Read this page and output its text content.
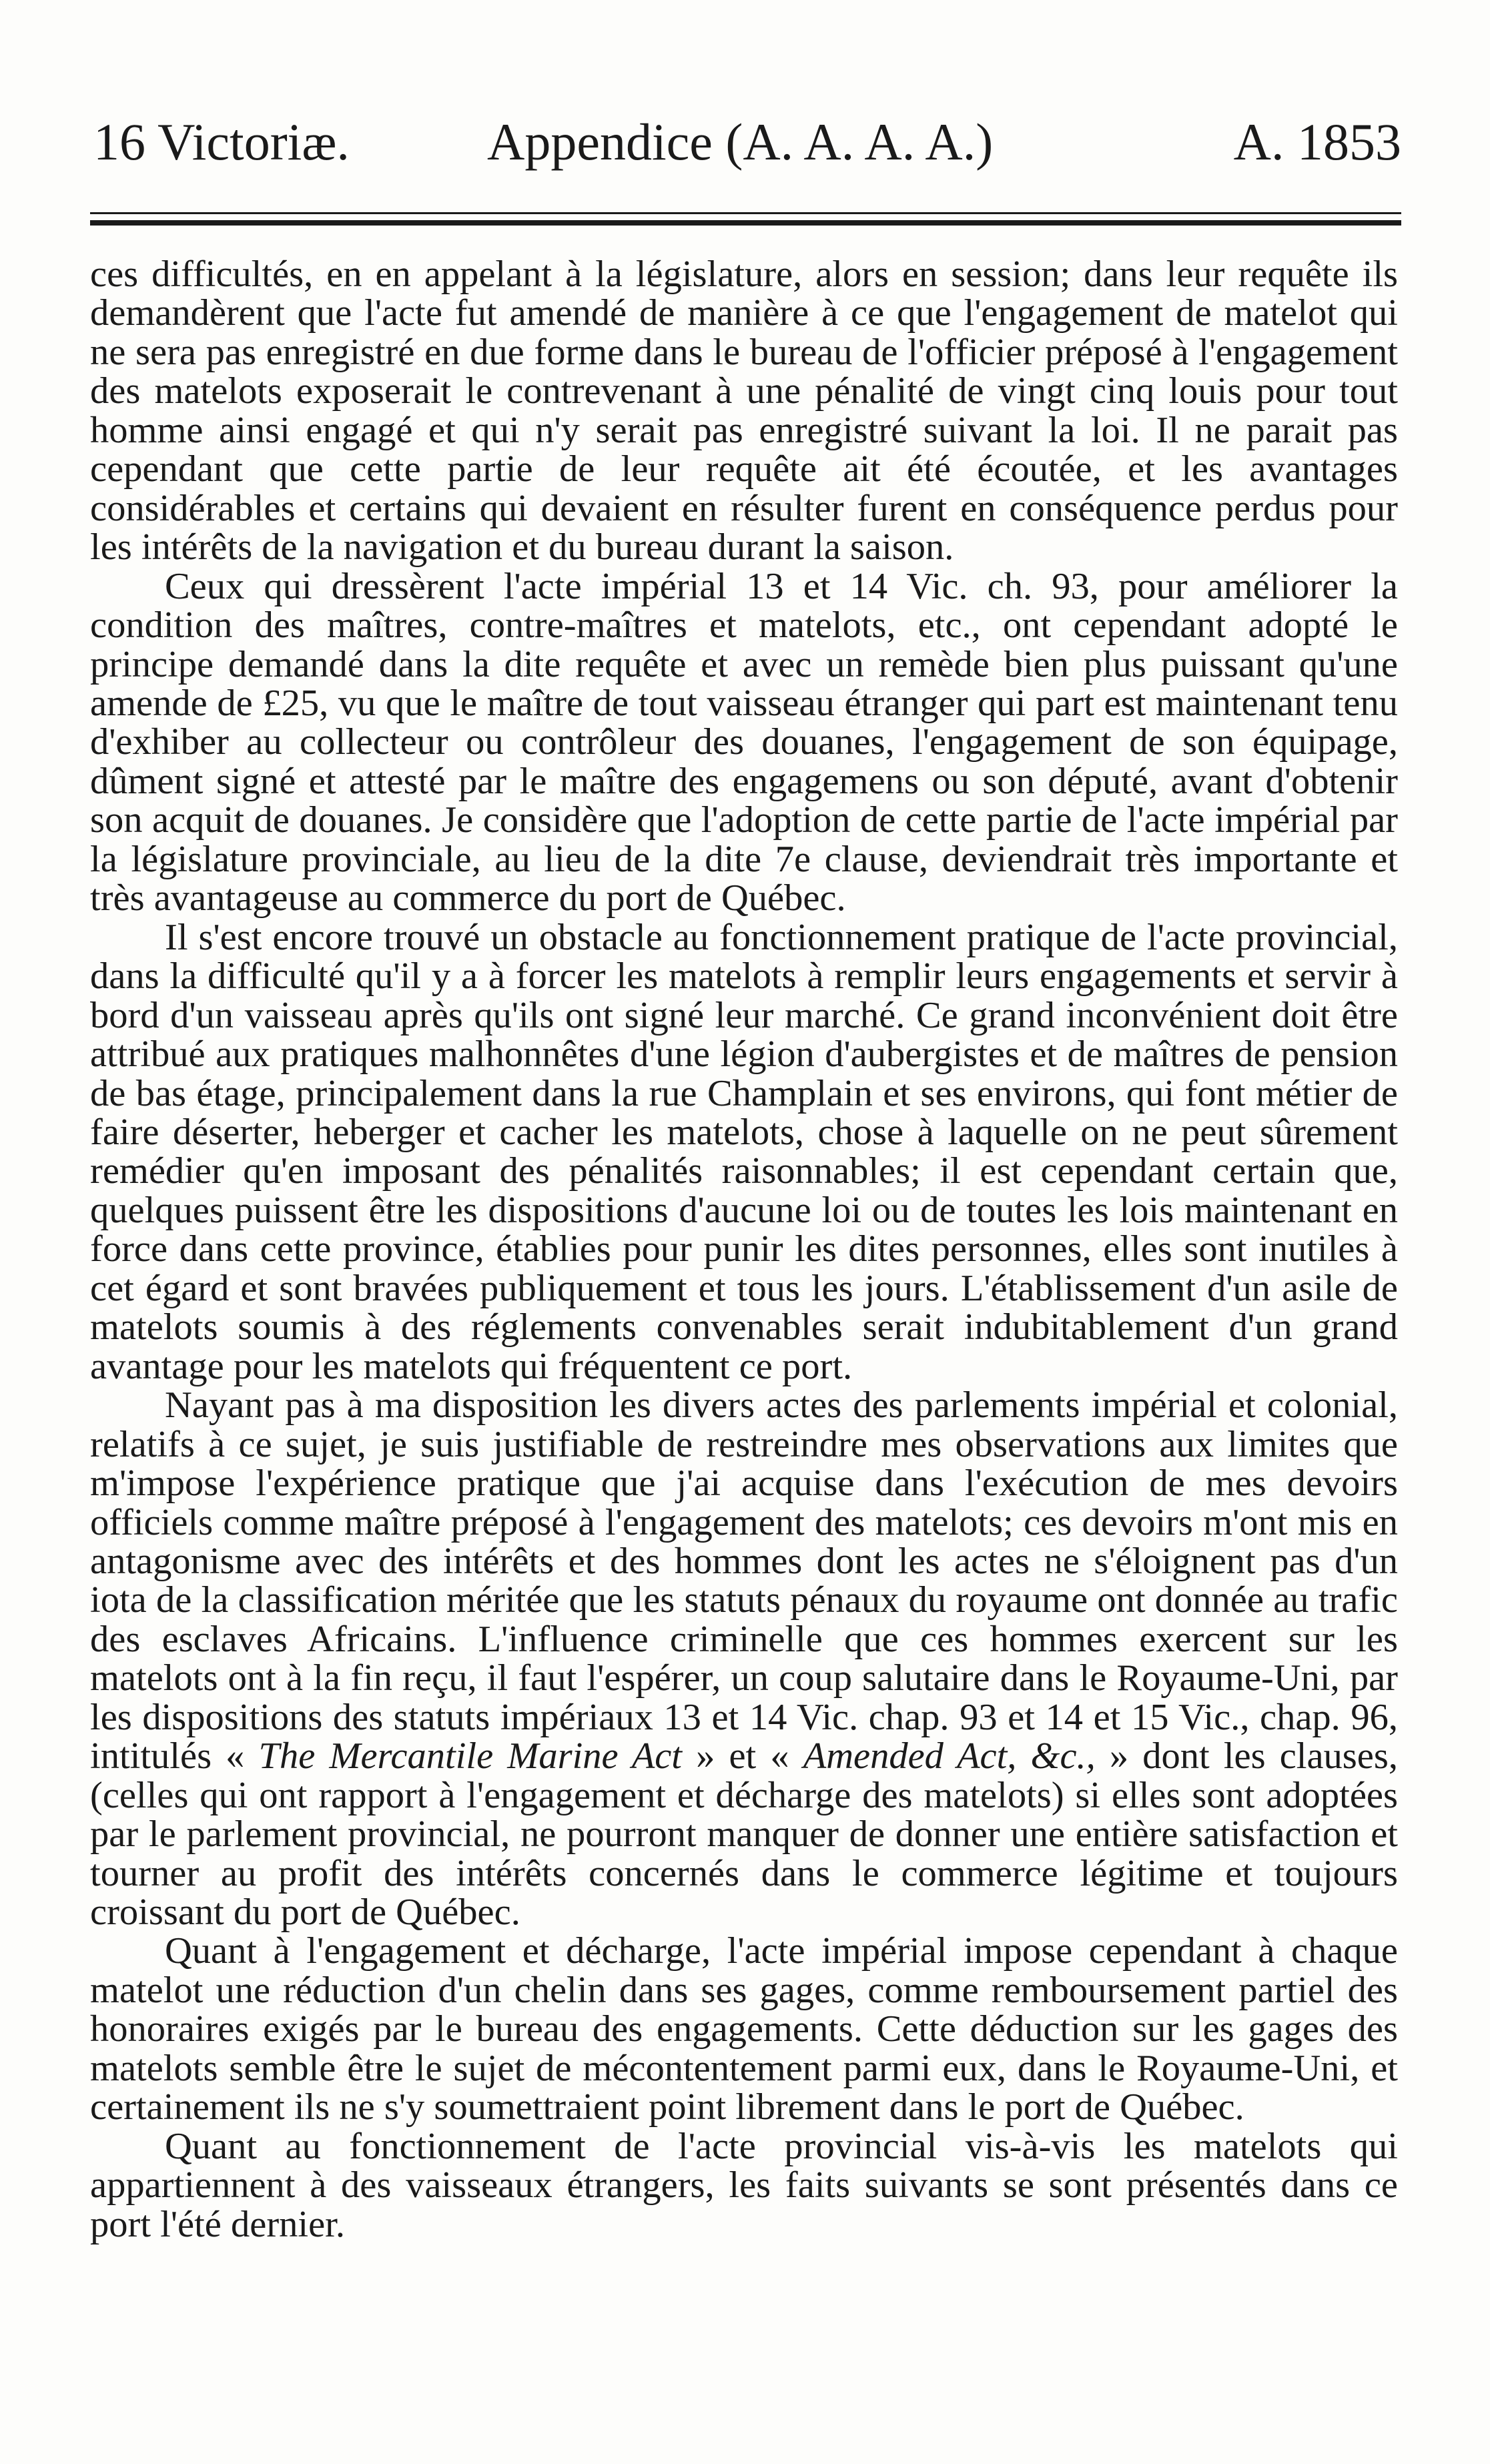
16 Victoriæ.	Appendice (A. A. A. A.)	A. 1853

ces difficultés, en en appelant à la législature, alors en session; dans leur requête ils demandèrent que l'acte fut amendé de manière à ce que l'engagement de matelot qui ne sera pas enregistré en due forme dans le bureau de l'officier préposé à l'engagement des matelots exposerait le contrevenant à une pénalité de vingt cinq louis pour tout homme ainsi engagé et qui n'y serait pas enregistré suivant la loi. Il ne parait pas cependant que cette partie de leur requête ait été écoutée, et les avantages considérables et certains qui devaient en résulter furent en conséquence perdus pour les intérêts de la navigation et du bureau durant la saison.

Ceux qui dressèrent l'acte impérial 13 et 14 Vic. ch. 93, pour améliorer la condition des maîtres, contre-maîtres et matelots, etc., ont cependant adopté le principe demandé dans la dite requête et avec un remède bien plus puissant qu'une amende de £25, vu que le maître de tout vaisseau étranger qui part est maintenant tenu d'exhiber au collecteur ou contrôleur des douanes, l'engagement de son équipage, dûment signé et attesté par le maître des engagemens ou son député, avant d'obtenir son acquit de douanes. Je considère que l'adoption de cette partie de l'acte impérial par la législature provinciale, au lieu de la dite 7e clause, deviendrait très importante et très avantageuse au commerce du port de Québec.

Il s'est encore trouvé un obstacle au fonctionnement pratique de l'acte provincial, dans la difficulté qu'il y a à forcer les matelots à remplir leurs engagements et servir à bord d'un vaisseau après qu'ils ont signé leur marché. Ce grand inconvénient doit être attribué aux pratiques malhonnêtes d'une légion d'aubergistes et de maîtres de pension de bas étage, principalement dans la rue Champlain et ses environs, qui font métier de faire déserter, heberger et cacher les matelots, chose à laquelle on ne peut sûrement remédier qu'en imposant des pénalités raisonnables; il est cependant certain que, quelques puissent être les dispositions d'aucune loi ou de toutes les lois maintenant en force dans cette province, établies pour punir les dites personnes, elles sont inutiles à cet égard et sont bravées publiquement et tous les jours. L'établissement d'un asile de matelots soumis à des réglements convenables serait indubitablement d'un grand avantage pour les matelots qui fréquentent ce port.

Nayant pas à ma disposition les divers actes des parlements impérial et colonial, relatifs à ce sujet, je suis justifiable de restreindre mes observations aux limites que m'impose l'expérience pratique que j'ai acquise dans l'exécution de mes devoirs officiels comme maître préposé à l'engagement des matelots; ces devoirs m'ont mis en antagonisme avec des intérêts et des hommes dont les actes ne s'éloignent pas d'un iota de la classification méritée que les statuts pénaux du royaume ont donnée au trafic des esclaves Africains. L'influence criminelle que ces hommes exercent sur les matelots ont à la fin reçu, il faut l'espérer, un coup salutaire dans le Royaume-Uni, par les dispositions des statuts impériaux 13 et 14 Vic. chap. 93 et 14 et 15 Vic., chap. 96, intitulés « The Mercantile Marine Act » et « Amended Act, &c., » dont les clauses, (celles qui ont rapport à l'engagement et décharge des matelots) si elles sont adoptées par le parlement provincial, ne pourront manquer de donner une entière satisfaction et tourner au profit des intérêts concernés dans le commerce légitime et toujours croissant du port de Québec.

Quant à l'engagement et décharge, l'acte impérial impose cependant à chaque matelot une réduction d'un chelin dans ses gages, comme remboursement partiel des honoraires exigés par le bureau des engagements. Cette déduction sur les gages des matelots semble être le sujet de mécontentement parmi eux, dans le Royaume-Uni, et certainement ils ne s'y soumettraient point librement dans le port de Québec.

Quant au fonctionnement de l'acte provincial vis-à-vis les matelots qui appartiennent à des vaisseaux étrangers, les faits suivants se sont présentés dans ce port l'été dernier.
